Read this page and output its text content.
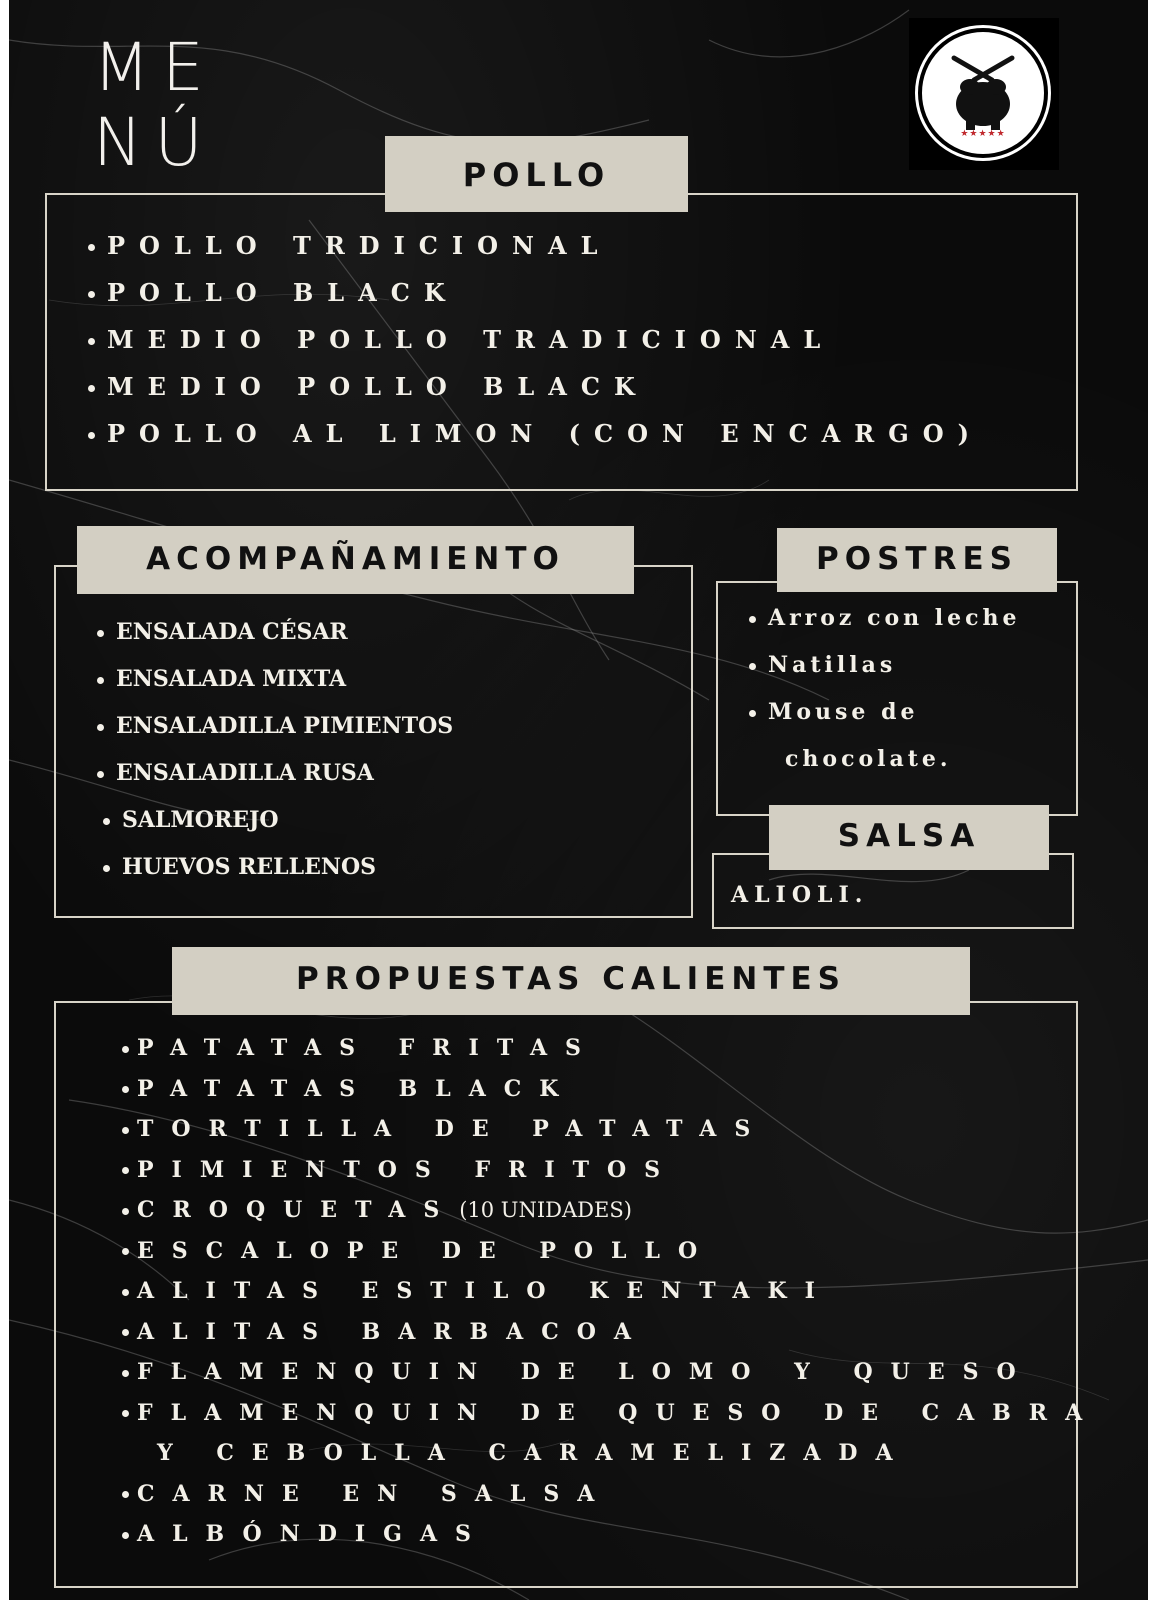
ME
NÚ	★★★★★
POLLO
POLLO TRDICIONAL
POLLO BLACK
MEDIO POLLO TRADICIONAL
MEDIO POLLO BLACK
POLLO AL LIMON (CON ENCARGO)
ACOMPAÑAMIENTO
ENSALADA CÉSAR
ENSALADA MIXTA
ENSALADILLA PIMIENTOS
ENSALADILLA RUSA
SALMOREJO
HUEVOS RELLENOS
POSTRES
Arroz con leche
Natillas
Mouse de
chocolate.
SALSA
ALIOLI.
PROPUESTAS CALIENTES
PATATAS FRITAS
PATATAS BLACK
TORTILLA DE PATATAS
PIMIENTOS FRITOS
CROQUETAS(10 UNIDADES)
ESCALOPE DE POLLO
ALITAS ESTILO KENTAKI
ALITAS BARBACOA
FLAMENQUIN DE LOMO Y QUESO
FLAMENQUIN DE QUESO DE CABRA
Y CEBOLLA CARAMELIZADA
CARNE EN SALSA
ALBÓNDIGAS
